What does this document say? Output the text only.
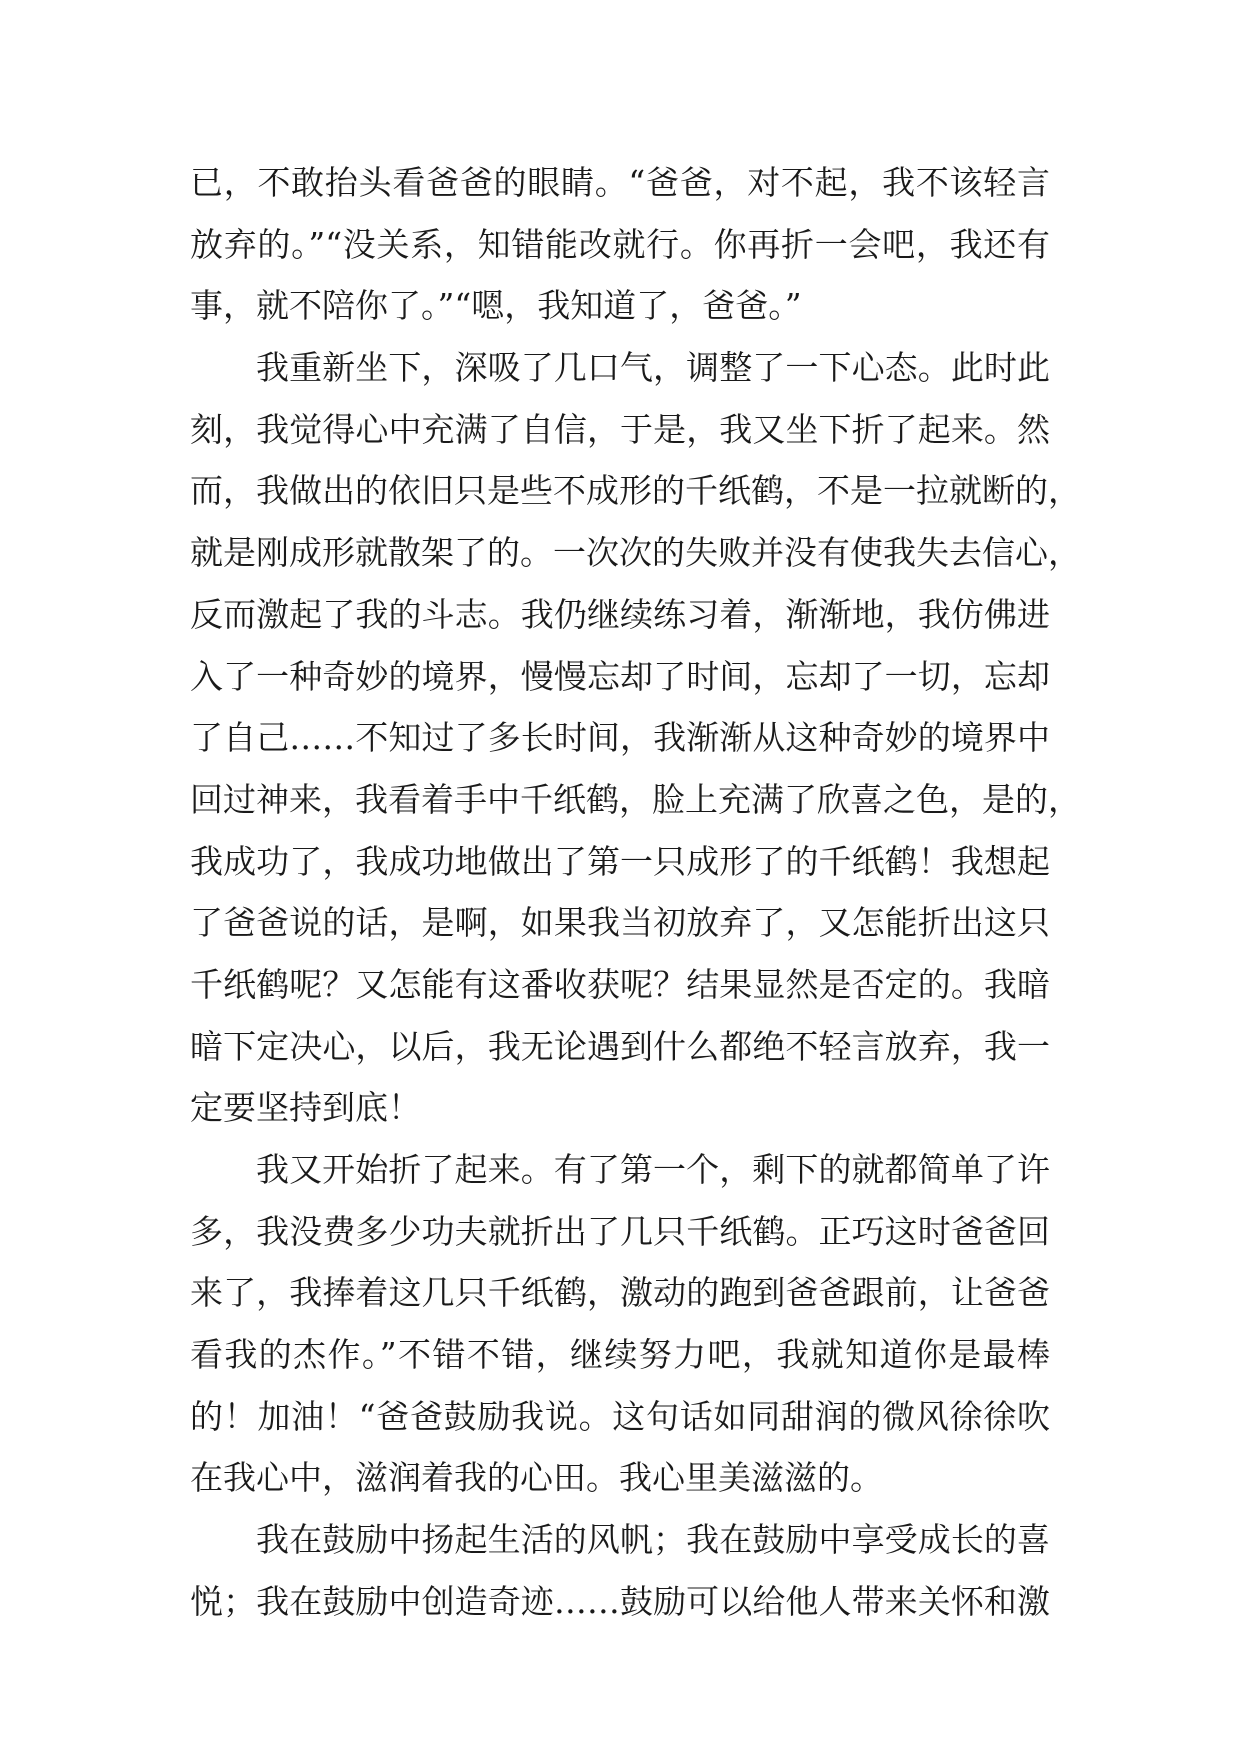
已，不敢抬头看爸爸的眼睛。“爸爸，对不起，我不该轻言
放弃的。”“没关系，知错能改就行。你再折一会吧，我还有
事，就不陪你了。”“嗯，我知道了，爸爸。”
我重新坐下，深吸了几口气，调整了一下心态。此时此
刻，我觉得心中充满了自信，于是，我又坐下折了起来。然
而，我做出的依旧只是些不成形的千纸鹤，不是一拉就断的，
就是刚成形就散架了的。一次次的失败并没有使我失去信心，
反而激起了我的斗志。我仍继续练习着，渐渐地，我仿佛进
入了一种奇妙的境界，慢慢忘却了时间，忘却了一切，忘却
了自己……不知过了多长时间，我渐渐从这种奇妙的境界中
回过神来，我看着手中千纸鹤，脸上充满了欣喜之色，是的，
我成功了，我成功地做出了第一只成形了的千纸鹤！我想起
了爸爸说的话，是啊，如果我当初放弃了，又怎能折出这只
千纸鹤呢？又怎能有这番收获呢？结果显然是否定的。我暗
暗下定决心，以后，我无论遇到什么都绝不轻言放弃，我一
定要坚持到底！
我又开始折了起来。有了第一个，剩下的就都简单了许
多，我没费多少功夫就折出了几只千纸鹤。正巧这时爸爸回
来了，我捧着这几只千纸鹤，激动的跑到爸爸跟前，让爸爸
看我的杰作。”不错不错，继续努力吧，我就知道你是最棒
的！加油！“爸爸鼓励我说。这句话如同甜润的微风徐徐吹
在我心中，滋润着我的心田。我心里美滋滋的。
我在鼓励中扬起生活的风帆；我在鼓励中享受成长的喜
悦；我在鼓励中创造奇迹……鼓励可以给他人带来关怀和激
